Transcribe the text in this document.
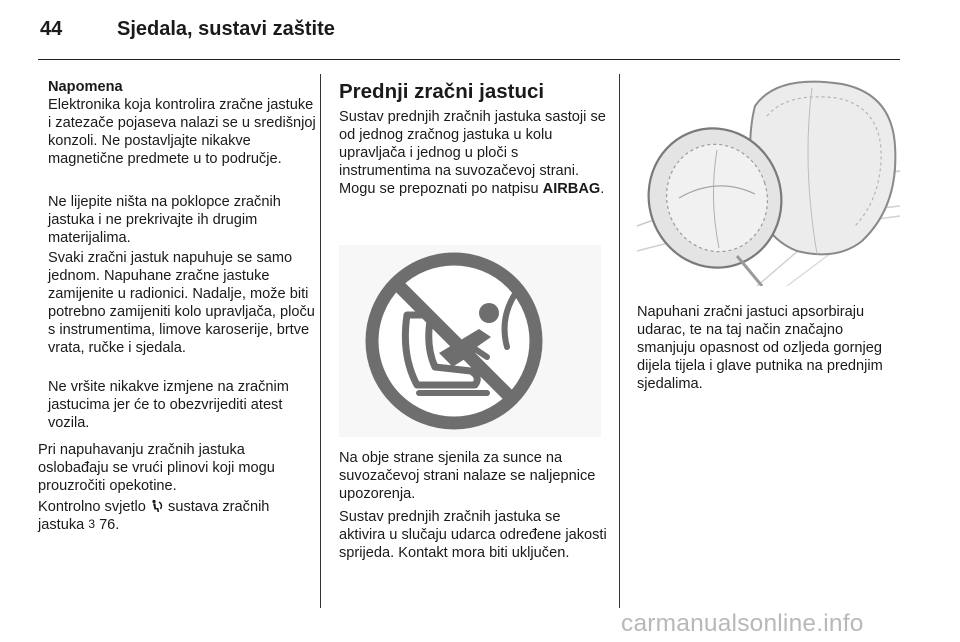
44	Sjedala, sustavi zaštite
Napomena
Elektronika koja kontrolira zračne jastuke i zatezače pojaseva nalazi se u središnjoj konzoli. Ne postavljajte nikakve magnetične predmete u to područje.
Ne lijepite ništa na poklopce zračnih jastuka i ne prekrivajte ih drugim materijalima.
Svaki zračni jastuk napuhuje se samo jednom. Napuhane zračne jastuke zamijenite u radionici. Nadalje, može biti potrebno zamijeniti kolo upravljača, ploču s instrumentima, limove karoserije, brtve vrata, ručke i sjedala.
Ne vršite nikakve izmjene na zračnim jastucima jer će to obezvrijediti atest vozila.
Pri napuhavanju zračnih jastuka oslobađaju se vrući plinovi koji mogu prouzročiti opekotine.
Kontrolno svjetlo sustava zračnih jastuka 3 76.
Prednji zračni jastuci
Sustav prednjih zračnih jastuka sastoji se od jednog zračnog jastuka u kolu upravljača i jednog u ploči s instrumentima na suvozačevoj strani. Mogu se prepoznati po natpisu AIRBAG.
Na obje strane sjenila za sunce na suvozačevoj strani nalaze se naljepnice upozorenja.
Sustav prednjih zračnih jastuka se aktivira u slučaju udarca određene jakosti sprijeda. Kontakt mora biti uključen.
Napuhani zračni jastuci apsorbiraju udarac, te na taj način značajno smanjuju opasnost od ozljeda gornjeg dijela tijela i glave putnika na prednjim sjedalima.
carmanualsonline.info
